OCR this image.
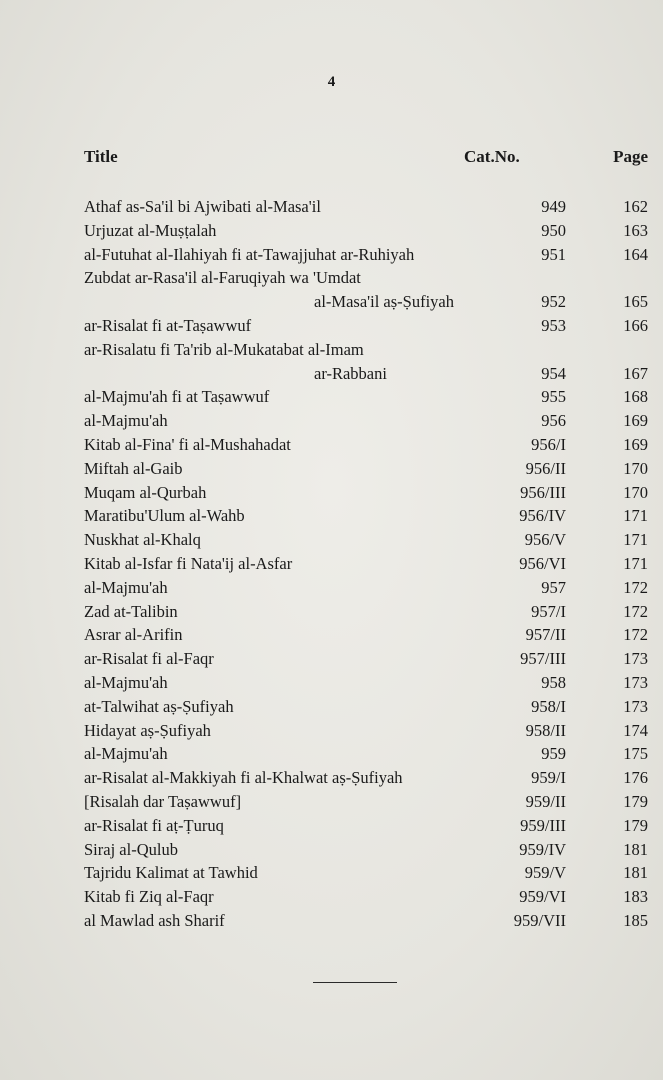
4
Title	Cat.No.	Page
Athaf as-Sa'il bi Ajwibati al-Masa'il	949	162
Urjuzat al-Muṣṭalah	950	163
al-Futuhat al-Ilahiyah fi at-Tawajjuhat ar-Ruhiyah	951	164
Zubdat ar-Rasa'il al-Faruqiyah wa 'Umdat
al-Masa'il aṣ-Ṣufiyah	952	165
ar-Risalat fi at-Taṣawwuf	953	166
ar-Risalatu fi Ta'rib al-Mukatabat al-Imam
ar-Rabbani	954	167
al-Majmu'ah fi at Taṣawwuf	955	168
al-Majmu'ah	956	169
Kitab al-Fina' fi al-Mushahadat	956/I	169
Miftah al-Gaib	956/II	170
Muqam al-Qurbah	956/III	170
Maratibu'Ulum al-Wahb	956/IV	171
Nuskhat al-Khalq	956/V	171
Kitab al-Isfar fi Nata'ij al-Asfar	956/VI	171
al-Majmu'ah	957	172
Zad at-Talibin	957/I	172
Asrar al-Arifin	957/II	172
ar-Risalat fi al-Faqr	957/III	173
al-Majmu'ah	958	173
at-Talwihat aṣ-Ṣufiyah	958/I	173
Hidayat aṣ-Ṣufiyah	958/II	174
al-Majmu'ah	959	175
ar-Risalat al-Makkiyah fi al-Khalwat aṣ-Ṣufiyah	959/I	176
[Risalah dar Taṣawwuf]	959/II	179
ar-Risalat fi aṭ-Ṭuruq	959/III	179
Siraj al-Qulub	959/IV	181
Tajridu Kalimat at Tawhid	959/V	181
Kitab fi Ziq al-Faqr	959/VI	183
al Mawlad ash Sharif	959/VII	185
